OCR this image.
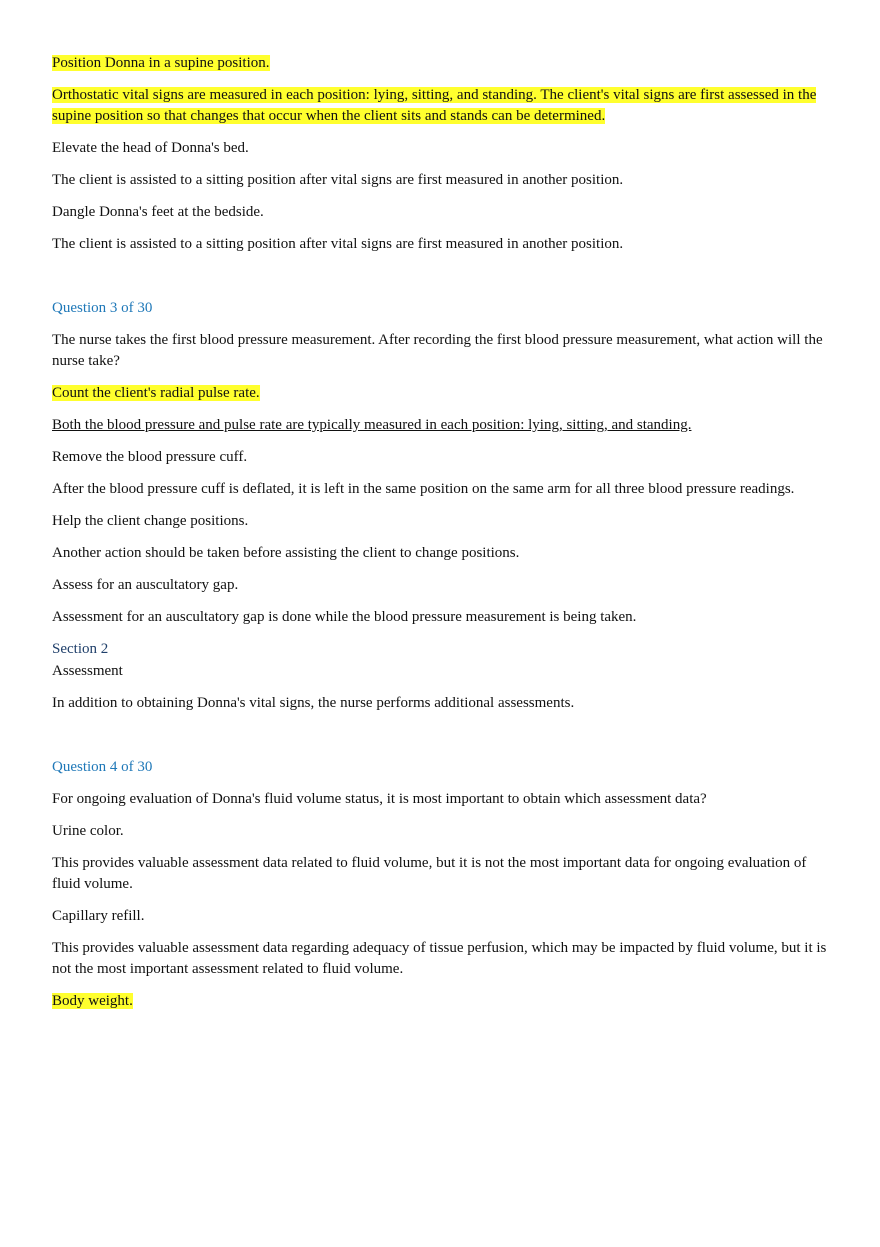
Position Donna in a supine position.

Orthostatic vital signs are measured in each position: lying, sitting, and standing. The client's vital signs are first assessed in the supine position so that changes that occur when the client sits and stands can be determined.

Elevate the head of Donna's bed.

The client is assisted to a sitting position after vital signs are first measured in another position.

Dangle Donna's feet at the bedside.

The client is assisted to a sitting position after vital signs are first measured in another position.

Question 3 of 30

The nurse takes the first blood pressure measurement. After recording the first blood pressure measurement, what action will the nurse take?

Count the client's radial pulse rate.

Both the blood pressure and pulse rate are typically measured in each position: lying, sitting, and standing.

Remove the blood pressure cuff.

After the blood pressure cuff is deflated, it is left in the same position on the same arm for all three blood pressure readings.

Help the client change positions.

Another action should be taken before assisting the client to change positions.

Assess for an auscultatory gap.

Assessment for an auscultatory gap is done while the blood pressure measurement is being taken.

Section 2

Assessment

In addition to obtaining Donna's vital signs, the nurse performs additional assessments.

Question 4 of 30

For ongoing evaluation of Donna's fluid volume status, it is most important to obtain which assessment data?

Urine color.

This provides valuable assessment data related to fluid volume, but it is not the most important data for ongoing evaluation of fluid volume.

Capillary refill.

This provides valuable assessment data regarding adequacy of tissue perfusion, which may be impacted by fluid volume, but it is not the most important assessment related to fluid volume.

Body weight.
